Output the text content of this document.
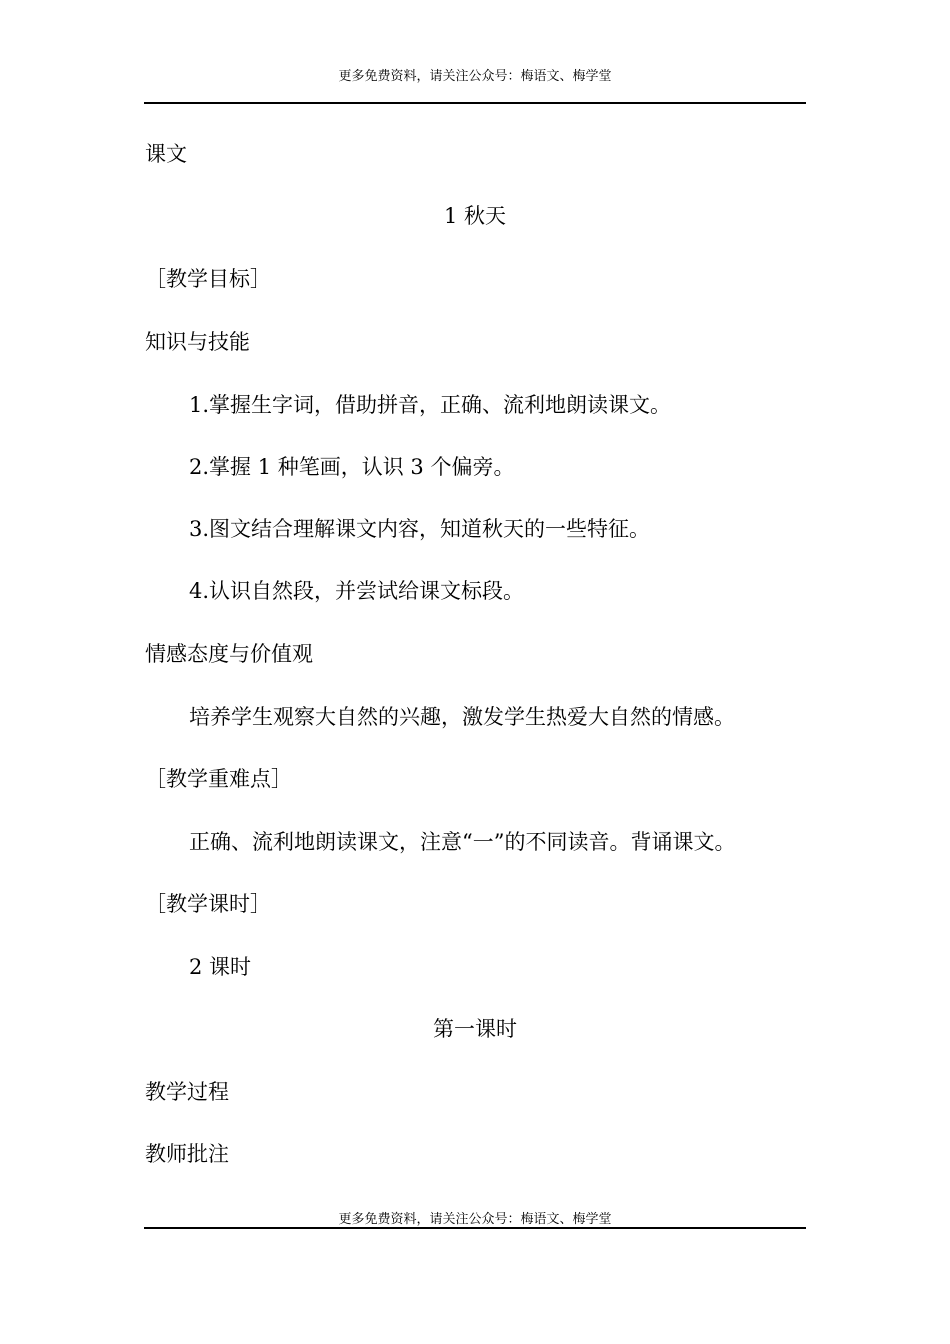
更多免费资料，请关注公众号：梅语文、梅学堂
课文
1 秋天
［教学目标］
知识与技能
1.掌握生字词，借助拼音，正确、流利地朗读课文。
2.掌握 1 种笔画，认识 3 个偏旁。
3.图文结合理解课文内容，知道秋天的一些特征。
4.认识自然段，并尝试给课文标段。
情感态度与价值观
培养学生观察大自然的兴趣，激发学生热爱大自然的情感。
［教学重难点］
正确、流利地朗读课文，注意“一”的不同读音。背诵课文。
［教学课时］
2 课时
第一课时
教学过程
教师批注
更多免费资料，请关注公众号：梅语文、梅学堂
